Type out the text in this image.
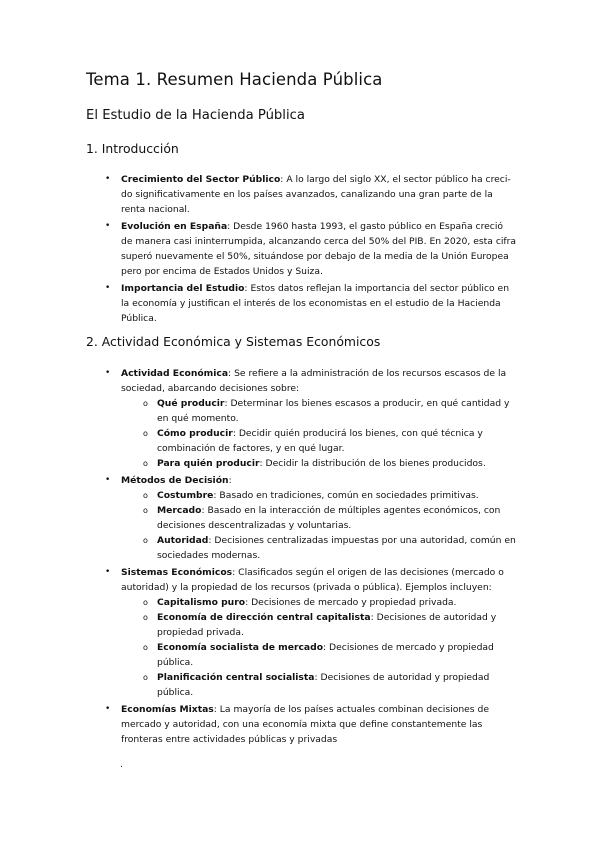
Tema 1. Resumen Hacienda Pública
El Estudio de la Hacienda Pública
1. Introducción
• Crecimiento del Sector Público: A lo largo del siglo XX, el sector público ha crecido significativamente en los países avanzados, canalizando una gran parte de la renta nacional.
• Evolución en España: Desde 1960 hasta 1993, el gasto público en España creció de manera casi ininterrumpida, alcanzando cerca del 50% del PIB. En 2020, esta cifra superó nuevamente el 50%, situándose por debajo de la media de la Unión Europea pero por encima de Estados Unidos y Suiza.
• Importancia del Estudio: Estos datos reflejan la importancia del sector público en la economía y justifican el interés de los economistas en el estudio de la Hacienda Pública.
2. Actividad Económica y Sistemas Económicos
• Actividad Económica: Se refiere a la administración de los recursos escasos de la sociedad, abarcando decisiones sobre:
o Qué producir: Determinar los bienes escasos a producir, en qué cantidad y en qué momento.
o Cómo producir: Decidir quién producirá los bienes, con qué técnica y combinación de factores, y en qué lugar.
o Para quién producir: Decidir la distribución de los bienes producidos.
• Métodos de Decisión:
o Costumbre: Basado en tradiciones, común en sociedades primitivas.
o Mercado: Basado en la interacción de múltiples agentes económicos, con decisiones descentralizadas y voluntarias.
o Autoridad: Decisiones centralizadas impuestas por una autoridad, común en sociedades modernas.
• Sistemas Económicos: Clasificados según el origen de las decisiones (mercado o autoridad) y la propiedad de los recursos (privada o pública). Ejemplos incluyen:
o Capitalismo puro: Decisiones de mercado y propiedad privada.
o Economía de dirección central capitalista: Decisiones de autoridad y propiedad privada.
o Economía socialista de mercado: Decisiones de mercado y propiedad pública.
o Planificación central socialista: Decisiones de autoridad y propiedad pública.
• Economías Mixtas: La mayoría de los países actuales combinan decisiones de mercado y autoridad, con una economía mixta que define constantemente las fronteras entre actividades públicas y privadas
.
